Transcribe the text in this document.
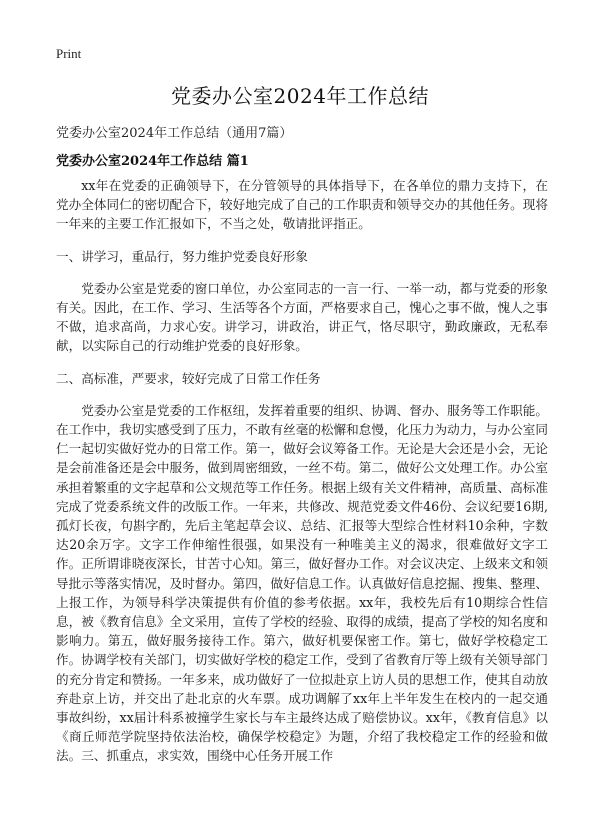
Print
党委办公室2024年工作总结
党委办公室2024年工作总结（通用7篇）
党委办公室2024年工作总结 篇1

xx年在党委的正确领导下，在分管领导的具体指导下，在各单位的鼎力支持下，在党办全体同仁的密切配合下，较好地完成了自己的工作职责和领导交办的其他任务。现将一年来的主要工作汇报如下，不当之处，敬请批评指正。

一、讲学习，重品行，努力维护党委良好形象

党委办公室是党委的窗口单位，办公室同志的一言一行、一举一动，都与党委的形象有关。因此，在工作、学习、生活等各个方面，严格要求自己，愧心之事不做，愧人之事不做，追求高尚，力求心安。讲学习，讲政治，讲正气，恪尽职守，勤政廉政，无私奉献，以实际自己的行动维护党委的良好形象。

二、高标准，严要求，较好完成了日常工作任务

党委办公室是党委的工作枢纽，发挥着重要的组织、协调、督办、服务等工作职能。在工作中，我切实感受到了压力，不敢有丝毫的松懈和怠慢，化压力为动力，与办公室同仁一起切实做好党办的日常工作。第一，做好会议筹备工作。无论是大会还是小会，无论是会前准备还是会中服务，做到周密细致，一丝不苟。第二，做好公文处理工作。办公室承担着繁重的文字起草和公文规范等工作任务。根据上级有关文件精神，高质量、高标准完成了党委系统文件的改版工作。一年来，共修改、规范党委文件46份、会议纪要16期,孤灯长夜，句斟字酌，先后主笔起草会议、总结、汇报等大型综合性材料10余种，字数达20余万字。文字工作伸缩性很强，如果没有一种唯美主义的渴求，很难做好文字工作。正所谓诽晓夜深长，甘苦寸心知。第三，做好督办工作。对会议决定、上级来文和领导批示等落实情况，及时督办。第四，做好信息工作。认真做好信息挖掘、搜集、整理、上报工作，为领导科学决策提供有价值的参考依据。xx年，我校先后有10期综合性信息，被《教育信息》全文采用，宣传了学校的经验、取得的成绩，提高了学校的知名度和影响力。第五，做好服务接待工作。第六，做好机要保密工作。第七，做好学校稳定工作。协调学校有关部门，切实做好学校的稳定工作，受到了省教育厅等上级有关领导部门的充分肯定和赞扬。一年多来，成功做好了一位拟赴京上访人员的思想工作，使其自动放弃赴京上访，并交出了赴北京的火车票。成功调解了xx年上半年发生在校内的一起交通事故纠纷，xx届计科系被撞学生家长与车主最终达成了赔偿协议。xx年，《教育信息》以《商丘师范学院坚持依法治校，确保学校稳定》为题，介绍了我校稳定工作的经验和做法。三、抓重点，求实效，围绕中心任务开展工作
